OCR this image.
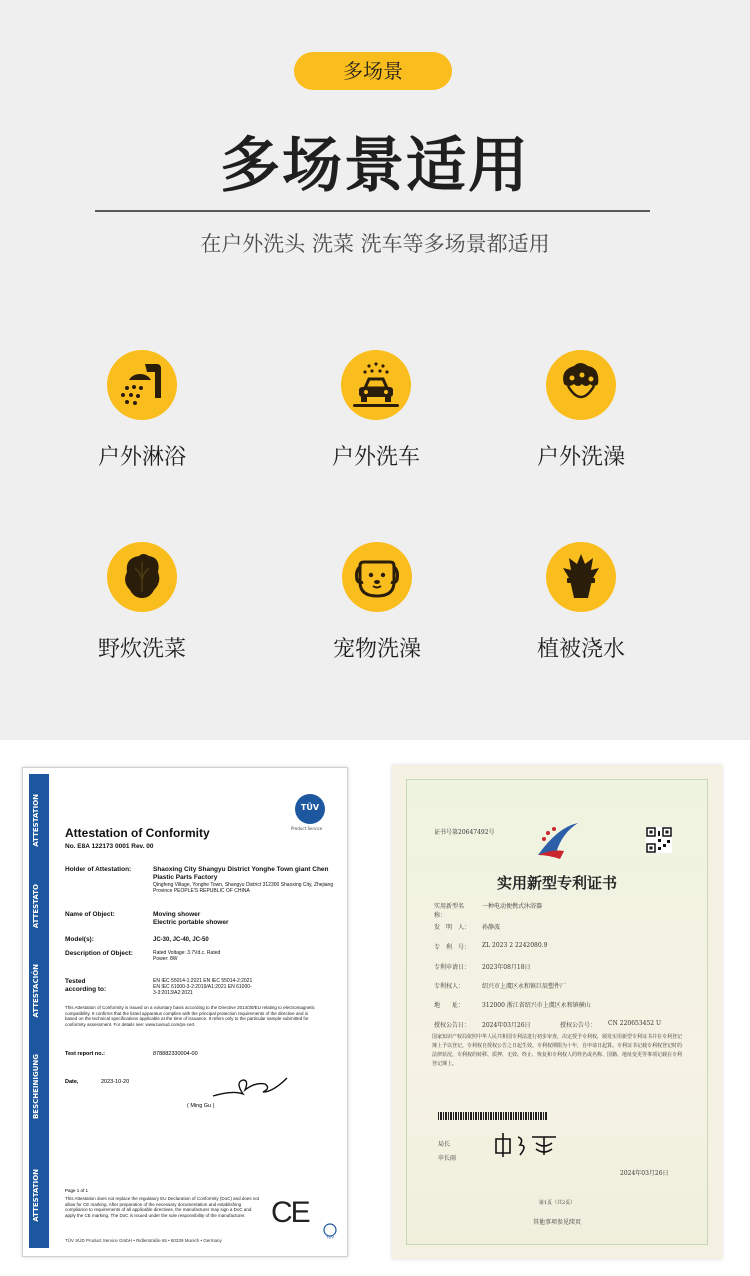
多场景
多场景适用
在户外洗头 洗菜 洗车等多场景都适用
户外淋浴	户外洗车	户外洗澡
野炊洗菜	宠物洗澡	植被浇水
ATTESTATION
ATTESTATO
ATTESTACIÓN
BESCHEINIGUNG
ATTESTATION
TÜV
Product Service
Attestation of Conformity
No. E8A 122173 0001 Rev. 00
Holder of Attestation:	Shaoxing City Shangyu District Yonghe Town giant Chen Plastic Parts Factory
Qingfeng Village, Yonghe Town, Shangyu District 312300 Shaoxing City, Zhejiang Province PEOPLE'S REPUBLIC OF CHINA
Name of Object:	Moving shower
Electric portable shower
Model(s):	JC-30, JC-40, JC-50
Description of Object:	Rated Voltage: 3.7Vd.c. Rated Power: 8W
Tested according to:
EN IEC 55014-1:2021 EN IEC 55014-2:2021 EN IEC 61000-3-2:2019/A1:2021 EN 61000-3-3:2013/A2:2021
This Attestation of Conformity is issued on a voluntary basis according to the Directive 2014/30/EU relating to electromagnetic compatibility. It confirms that the listed apparatus complies with the principal protection requirements of the directive and is based on the technical specifications applicable at the time of issuance. It refers only to the particular sample submitted for conformity assessment. For details see: www.tuvsud.com/ps-cert.
Test report no.:	878882330004-00
Date,	2023-10-20
( Ming Gu )
Page 1 of 1
This Attestation does not replace the regulatory EU Declaration of Conformity (DoC) and does not allow for CE marking. After preparation of the necessary documentation and establishing compliance to requirements of all applicable directives, the manufacturer may sign a DoC and apply the CE marking. The DoC is issued under the sole responsibility of the manufacturer. CE
TÜV
TÜV SÜD Product Service GmbH • Ridlerstraße 65 • 80339 Munich • Germany
证书号第20647492号
实用新型专利证书
实用新型名称：
一种电动便携式沐浴器
发　明　人：	孙静波
专　利　号：	ZL 2023 2 2242080.9
专利申请日：	2023年08月18日
专利权人：	绍兴市上虞区永和镇巨辰塑件厂
地　　址：	312000 浙江省绍兴市上虞区永和镇横山
授权公告日：	2024年03月26日	授权公告号：	CN 220653452 U
国家知识产权局依照中华人民共和国专利法进行初步审查，决定授予专利权，颁发实用新型专利证书并在专利登记簿上予以登记。专利权自授权公告之日起生效。专利权期限为十年，自申请日起算。专利证书记载专利权登记时的法律状况。专利权的转移、质押、无效、终止、恢复和专利权人的姓名或名称、国籍、地址变更等事项记载在专利登记簿上。
局长
申长雨
2024年03月26日
第1页（共2页）
其他事项参见续页
